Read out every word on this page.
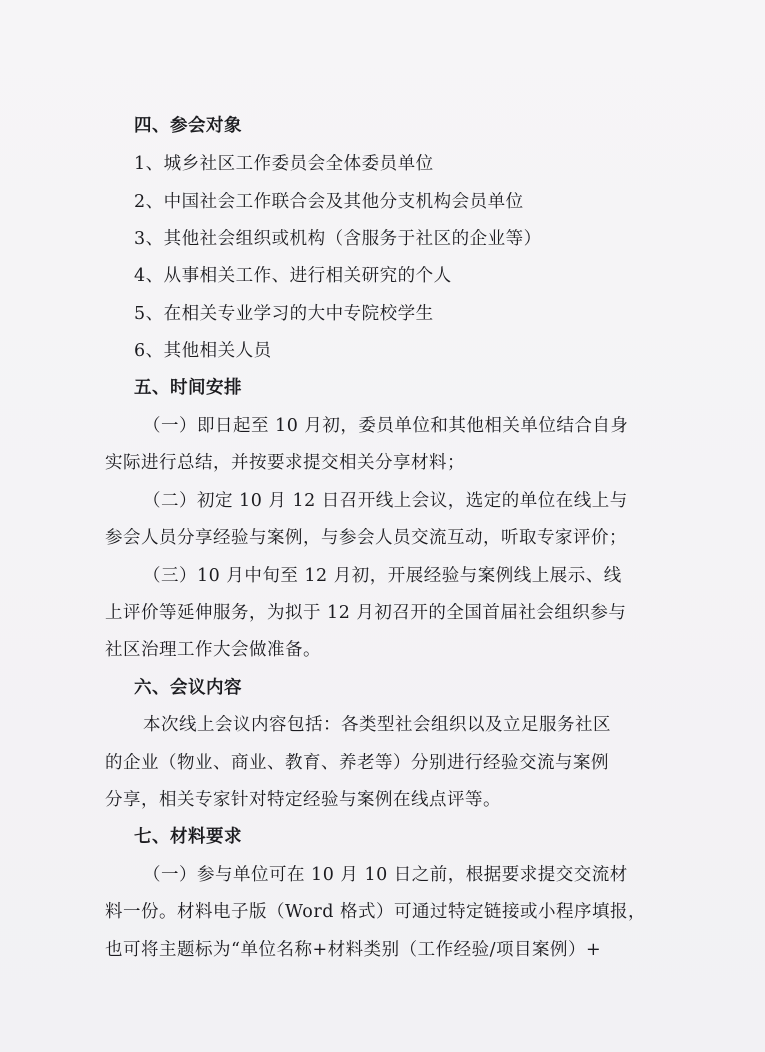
四、参会对象
1、城乡社区工作委员会全体委员单位
2、中国社会工作联合会及其他分支机构会员单位
3、其他社会组织或机构（含服务于社区的企业等）
4、从事相关工作、进行相关研究的个人
5、在相关专业学习的大中专院校学生
6、其他相关人员
五、时间安排
（一）即日起至 10 月初，委员单位和其他相关单位结合自身
实际进行总结，并按要求提交相关分享材料；
（二）初定 10 月 12 日召开线上会议，选定的单位在线上与
参会人员分享经验与案例，与参会人员交流互动，听取专家评价；
（三）10 月中旬至 12 月初，开展经验与案例线上展示、线
上评价等延伸服务，为拟于 12 月初召开的全国首届社会组织参与
社区治理工作大会做准备。
六、会议内容
本次线上会议内容包括：各类型社会组织以及立足服务社区
的企业（物业、商业、教育、养老等）分别进行经验交流与案例
分享，相关专家针对特定经验与案例在线点评等。
七、材料要求
（一）参与单位可在 10 月 10 日之前，根据要求提交交流材
料一份。材料电子版（Word 格式）可通过特定链接或小程序填报，
也可将主题标为“单位名称+材料类别（工作经验/项目案例）+
